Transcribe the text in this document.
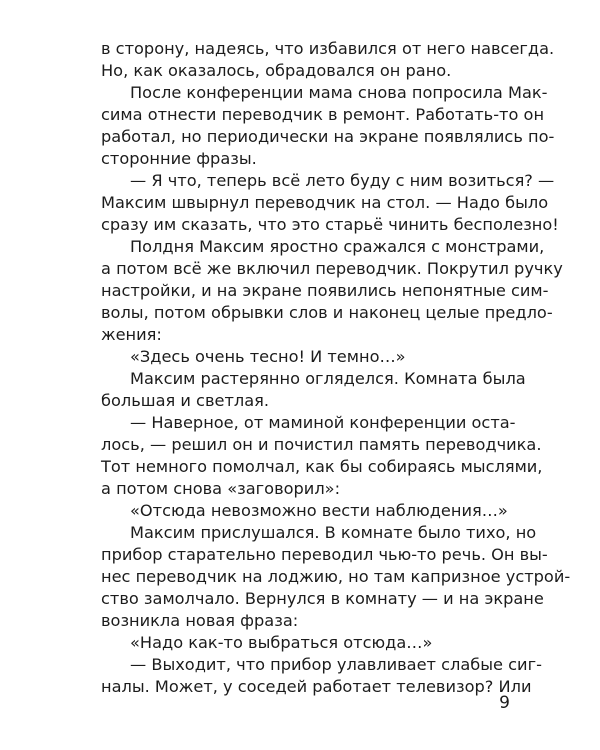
в сторону, надеясь, что избавился от него навсегда.
Но, как оказалось, обрадовался он рано.
После конференции мама снова попросила Мак-
сима отнести переводчик в ремонт. Работать-то он
работал, но периодически на экране появлялись по-
сторонние фразы.
— Я что, теперь всё лето буду с ним возиться? —
Максим швырнул переводчик на стол. — Надо было
сразу им сказать, что это старьё чинить бесполезно!
Полдня Максим яростно сражался с монстрами,
а потом всё же включил переводчик. Покрутил ручку
настройки, и на экране появились непонятные сим-
волы, потом обрывки слов и наконец целые предло-
жения:
«Здесь очень тесно! И темно…»
Максим растерянно огляделся. Комната была
большая и светлая.
— Наверное, от маминой конференции оста-
лось, — решил он и почистил память переводчика.
Тот немного помолчал, как бы собираясь мыслями,
а потом снова «заговорил»:
«Отсюда невозможно вести наблюдения…»
Максим прислушался. В комнате было тихо, но
прибор старательно переводил чью-то речь. Он вы-
нес переводчик на лоджию, но там капризное устрой-
ство замолчало. Вернулся в комнату — и на экране
возникла новая фраза:
«Надо как-то выбраться отсюда…»
— Выходит, что прибор улавливает слабые сиг-
налы. Может, у соседей работает телевизор? Или
9
